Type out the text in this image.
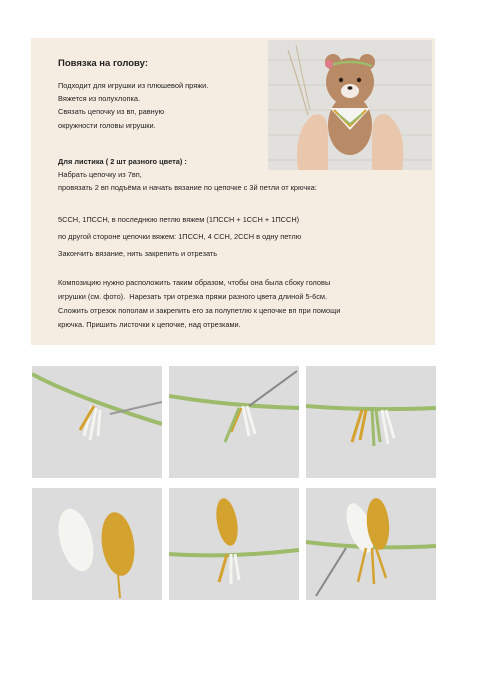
Повязка на голову:
Подходит для игрушки из плюшевой пряжи.
Вяжется из полухлопка.
Связать цепочку из вп, равную
окружности головы игрушки.
Для листика ( 2 шт разного цвета) :
Набрать цепочку из 7вп,
провязать 2 вп подъёма и начать вязание по цепочке с 3й петли от крючка:
5ССН, 1ПССН, в последнюю петлю вяжем (1ПССН + 1ССН + 1ПССН)
по другой стороне цепочки вяжем: 1ПССН, 4 ССН, 2ССН в одну петлю
Закончить вязание, нить закрепить и отрезать
Композицию нужно расположить таким образом, чтобы она была сбоку головы
игрушки (см. фото).  Нарезать три отрезка пряжи разного цвета длиной 5-6см.
Сложить отрезок пополам и закрепить его за полупетлю к цепочке вп при помощи
крючка. Пришить листочки к цепочке, над отрезками.
